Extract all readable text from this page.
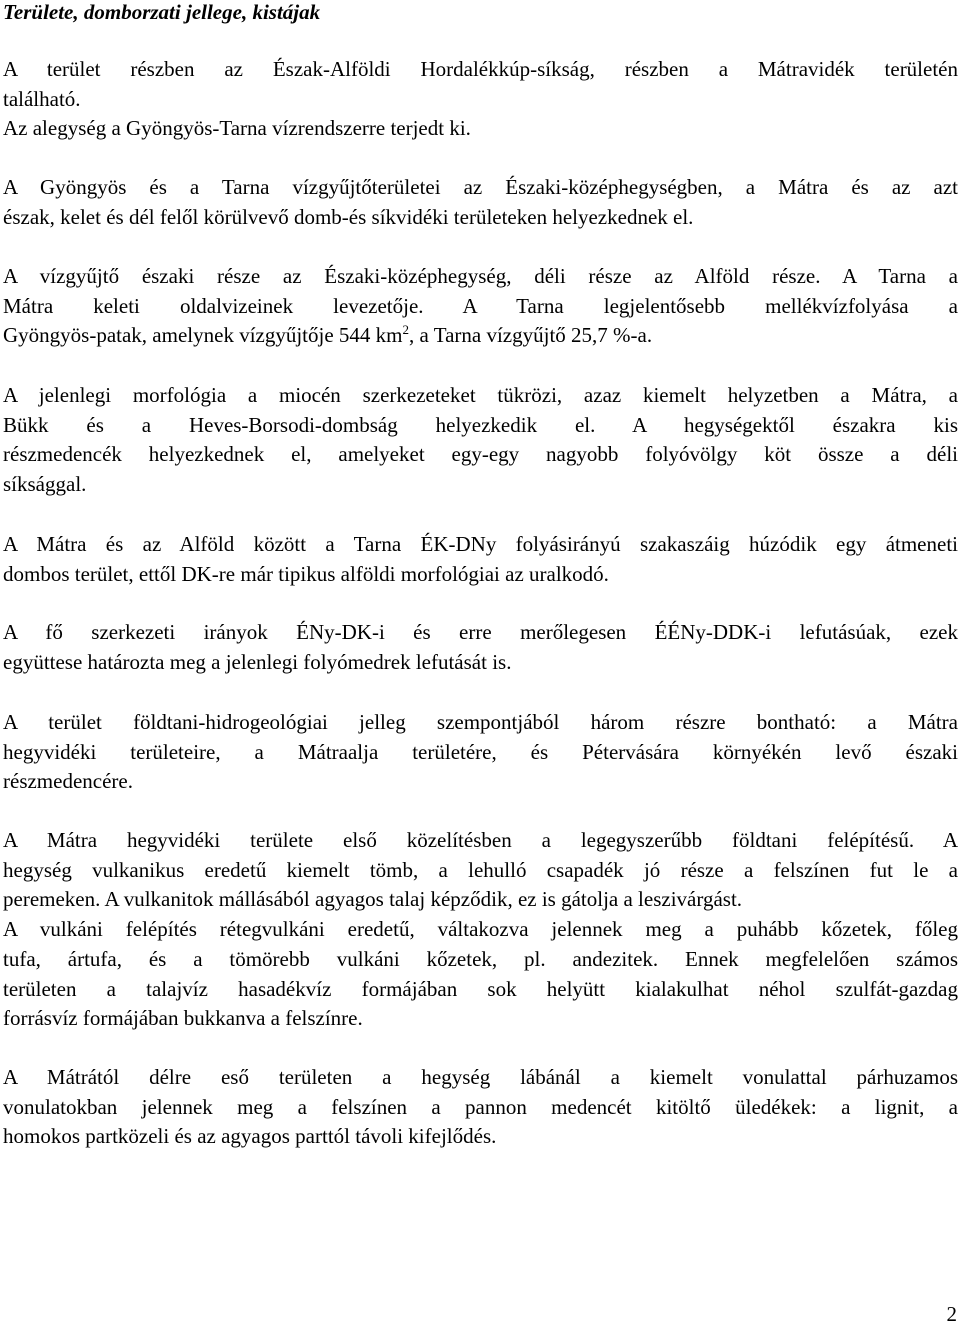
Területe, domborzati jellege, kistájak

A terület részben az Észak-Alföldi Hordalékkúp-síkság, részben a Mátravidék területén
található.
Az alegység a Gyöngyös-Tarna vízrendszerre terjedt ki.

A Gyöngyös és a Tarna vízgyűjtőterületei az Északi-középhegységben, a Mátra és az azt
észak, kelet és dél felől körülvevő domb-és síkvidéki területeken helyezkednek el.

A vízgyűjtő északi része az Északi-középhegység, déli része az Alföld része. A Tarna a
Mátra keleti oldalvizeinek levezetője. A Tarna legjelentősebb mellékvízfolyása a
Gyöngyös-patak, amelynek vízgyűjtője 544 $km^2$, a Tarna vízgyűjtő 25,7 %-a.

A jelenlegi morfológia a miocén szerkezeteket tükrözi, azaz kiemelt helyzetben a Mátra, a
Bükk és a Heves-Borsodi-dombság helyezkedik el. A hegységektől északra kis
részmedencék helyezkednek el, amelyeket egy-egy nagyobb folyóvölgy köt össze a déli
síksággal.

A Mátra és az Alföld között a Tarna ÉK-DNy folyásirányú szakaszáig húzódik egy átmeneti
dombos terület, ettől DK-re már tipikus alföldi morfológiai az uralkodó.

A fő szerkezeti irányok ÉNy-DK-i és erre merőlegesen ÉÉNy-DDK-i lefutásúak, ezek
együttese határozta meg a jelenlegi folyómedrek lefutását is.

A terület földtani-hidrogeológiai jelleg szempontjából három részre bontható: a Mátra
hegyvidéki területeire, a Mátraalja területére, és Pétervására környékén levő északi
részmedencére.

A Mátra hegyvidéki területe első közelítésben a legegyszerűbb földtani felépítésű. A
hegység vulkanikus eredetű kiemelt tömb, a lehulló csapadék jó része a felszínen fut le a
peremeken. A vulkanitok mállásából agyagos talaj képződik, ez is gátolja a leszivárgást.
A vulkáni felépítés rétegvulkáni eredetű, váltakozva jelennek meg a puhább kőzetek, főleg
tufa, ártufa, és a tömörebb vulkáni kőzetek, pl. andezitek. Ennek megfelelően számos
területen a talajvíz hasadékvíz formájában sok helyütt kialakulhat néhol szulfát-gazdag
forrásvíz formájában bukkanva a felszínre.

A Mátrától délre eső területen a hegység lábánál a kiemelt vonulattal párhuzamos
vonulatokban jelennek meg a felszínen a pannon medencét kitöltő üledékek: a lignit, a
homokos partközeli és az agyagos parttól távoli kifejlődés.

2
